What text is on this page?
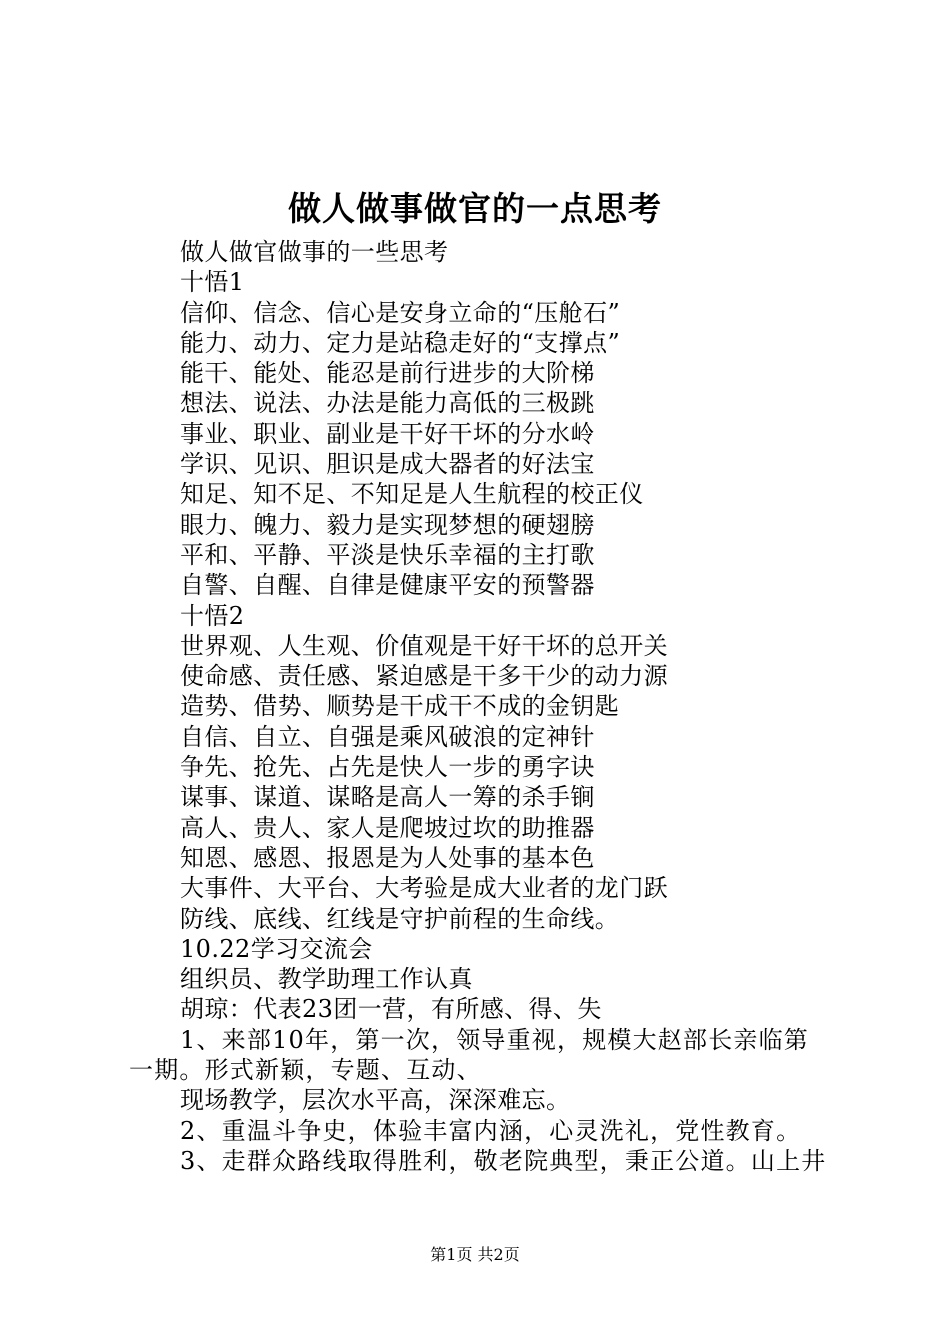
做人做事做官的一点思考
做人做官做事的一些思考
十悟1
信仰、信念、信心是安身立命的“压舱石”
能力、动力、定力是站稳走好的“支撑点”
能干、能处、能忍是前行进步的大阶梯
想法、说法、办法是能力高低的三极跳
事业、职业、副业是干好干坏的分水岭
学识、见识、胆识是成大器者的好法宝
知足、知不足、不知足是人生航程的校正仪
眼力、魄力、毅力是实现梦想的硬翅膀
平和、平静、平淡是快乐幸福的主打歌
自警、自醒、自律是健康平安的预警器
十悟2
世界观、人生观、价值观是干好干坏的总开关
使命感、责任感、紧迫感是干多干少的动力源
造势、借势、顺势是干成干不成的金钥匙
自信、自立、自强是乘风破浪的定神针
争先、抢先、占先是快人一步的勇字诀
谋事、谋道、谋略是高人一筹的杀手锏
高人、贵人、家人是爬坡过坎的助推器
知恩、感恩、报恩是为人处事的基本色
大事件、大平台、大考验是成大业者的龙门跃
防线、底线、红线是守护前程的生命线。
10.22学习交流会
组织员、教学助理工作认真
胡琼：代表23团一营，有所感、得、失
1、来部10年，第一次，领导重视，规模大赵部长亲临第
一期。形式新颖，专题、互动、
现场教学，层次水平高，深深难忘。
2、重温斗争史，体验丰富内涵，心灵洗礼，党性教育。
3、走群众路线取得胜利，敬老院典型，秉正公道。山上井
第1页 共2页
